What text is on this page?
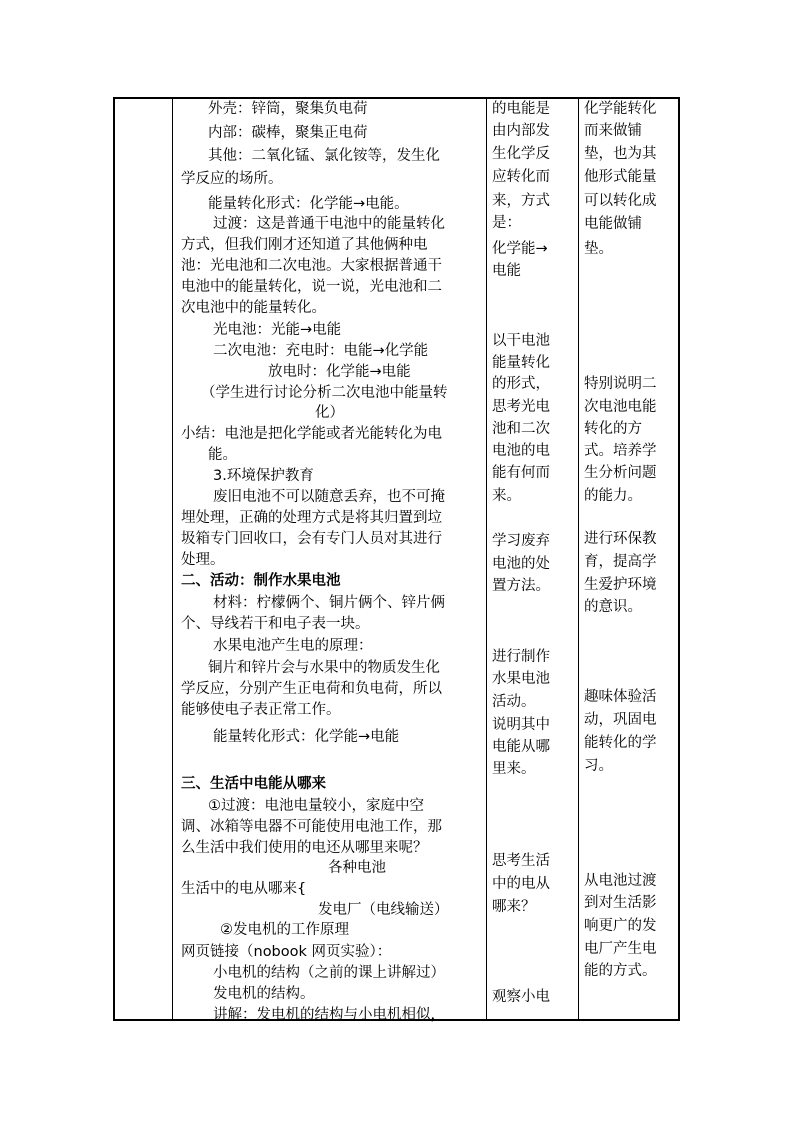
外壳：锌筒，聚集负电荷
内部：碳棒，聚集正电荷
其他：二氧化锰、氯化铵等，发生化
学反应的场所。
能量转化形式：化学能→电能。
过渡：这是普通干电池中的能量转化
方式，但我们刚才还知道了其他俩种电
池：光电池和二次电池。大家根据普通干
电池中的能量转化，说一说，光电池和二
次电池中的能量转化。
光电池：光能→电能
二次电池：充电时：电能→化学能
放电时：化学能→电能
（学生进行讨论分析二次电池中能量转
化）
小结：电池是把化学能或者光能转化为电
能。
3.环境保护教育
废旧电池不可以随意丢弃，也不可掩
埋处理，正确的处理方式是将其归置到垃
圾箱专门回收口，会有专门人员对其进行
处理。
二、活动：制作水果电池
材料：柠檬俩个、铜片俩个、锌片俩
个、导线若干和电子表一块。
水果电池产生电的原理：
铜片和锌片会与水果中的物质发生化
学反应，分别产生正电荷和负电荷，所以
能够使电子表正常工作。
能量转化形式：化学能→电能
三、生活中电能从哪来
①过渡：电池电量较小，家庭中空
调、冰箱等电器不可能使用电池工作，那
么生活中我们使用的电还从哪里来呢？
各种电池
生活中的电从哪来{
发电厂（电线输送）
②发电机的工作原理
网页链接（nobook 网页实验）：
小电机的结构（之前的课上讲解过）
发电机的结构。
讲解：发电机的结构与小电机相似，
的电能是
由内部发
生化学反
应转化而
来，方式
是：
化学能→
电能
以干电池
能量转化
的形式，
思考光电
池和二次
电池的电
能有何而
来。
学习废弃
电池的处
置方法。
进行制作
水果电池
活动。
说明其中
电能从哪
里来。
思考生活
中的电从
哪来？
观察小电
化学能转化
而来做铺
垫，也为其
他形式能量
可以转化成
电能做铺
垫。
特别说明二
次电池电能
转化的方
式。培养学
生分析问题
的能力。
进行环保教
育，提高学
生爱护环境
的意识。
趣味体验活
动，巩固电
能转化的学
习。
从电池过渡
到对生活影
响更广的发
电厂产生电
能的方式。
